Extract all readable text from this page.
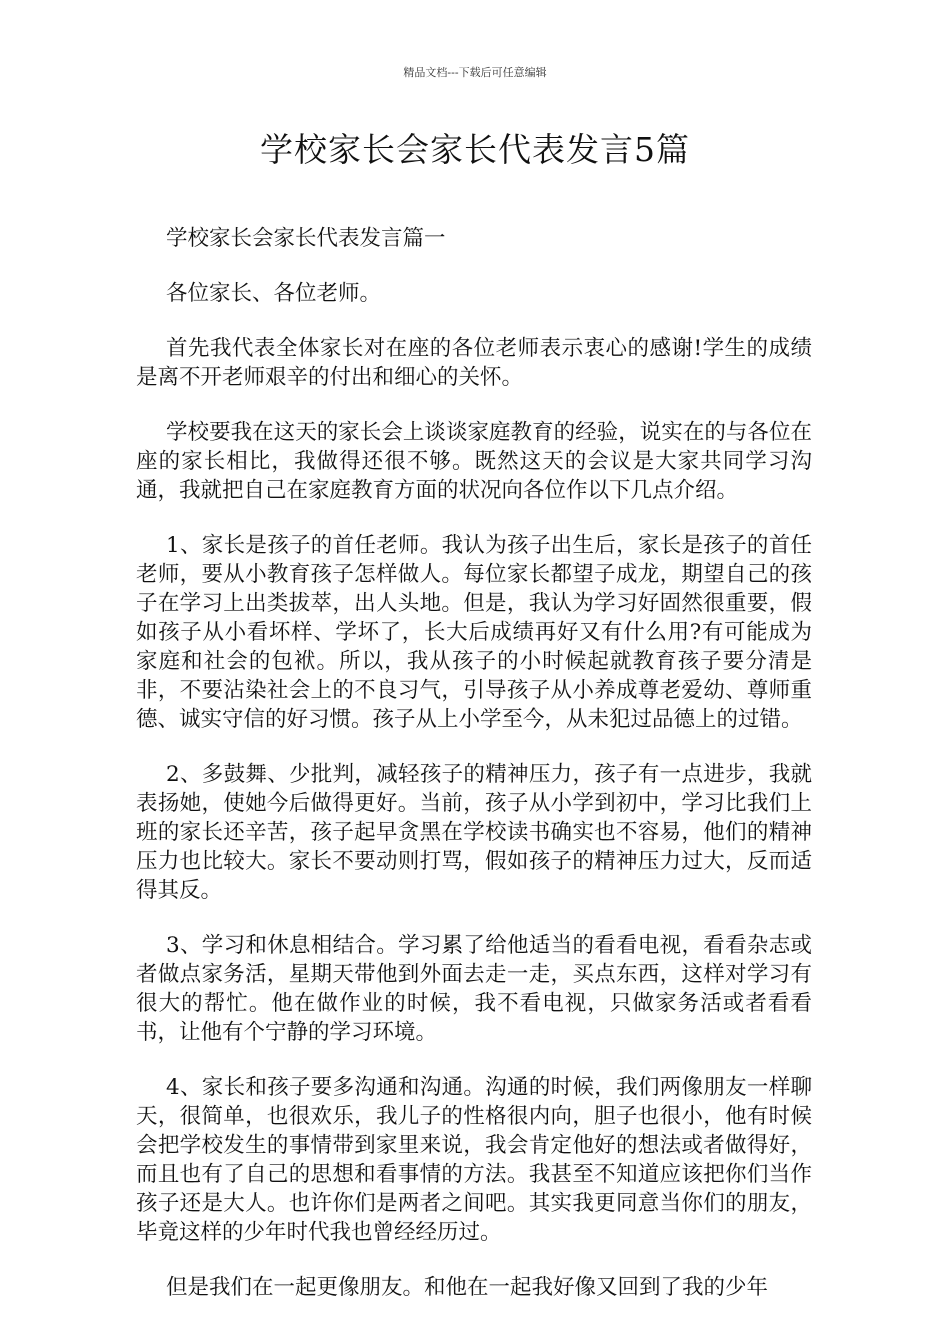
精品文档---下载后可任意编辑
学校家长会家长代表发言5篇

学校家长会家长代表发言篇一

各位家长、各位老师。

首先我代表全体家长对在座的各位老师表示衷心的感谢!学生的成绩是离不开老师艰辛的付出和细心的关怀。

学校要我在这天的家长会上谈谈家庭教育的经验，说实在的与各位在座的家长相比，我做得还很不够。既然这天的会议是大家共同学习沟通，我就把自己在家庭教育方面的状况向各位作以下几点介绍。

1、家长是孩子的首任老师。我认为孩子出生后，家长是孩子的首任老师，要从小教育孩子怎样做人。每位家长都望子成龙，期望自己的孩子在学习上出类拔萃，出人头地。但是，我认为学习好固然很重要，假如孩子从小看坏样、学坏了，长大后成绩再好又有什么用?有可能成为家庭和社会的包袱。所以，我从孩子的小时候起就教育孩子要分清是非，不要沾染社会上的不良习气，引导孩子从小养成尊老爱幼、尊师重德、诚实守信的好习惯。孩子从上小学至今，从未犯过品德上的过错。

2、多鼓舞、少批判，减轻孩子的精神压力，孩子有一点进步，我就表扬她，使她今后做得更好。当前，孩子从小学到初中，学习比我们上班的家长还辛苦，孩子起早贪黑在学校读书确实也不容易，他们的精神压力也比较大。家长不要动则打骂，假如孩子的精神压力过大，反而适得其反。

3、学习和休息相结合。学习累了给他适当的看看电视，看看杂志或者做点家务活，星期天带他到外面去走一走，买点东西，这样对学习有很大的帮忙。他在做作业的时候，我不看电视，只做家务活或者看看书，让他有个宁静的学习环境。

4、家长和孩子要多沟通和沟通。沟通的时候，我们两像朋友一样聊天，很简单，也很欢乐，我儿子的性格很内向，胆子也很小，他有时候会把学校发生的事情带到家里来说，我会肯定他好的想法或者做得好，而且也有了自己的思想和看事情的方法。我甚至不知道应该把你们当作孩子还是大人。也许你们是两者之间吧。其实我更同意当你们的朋友，毕竟这样的少年时代我也曾经经历过。

但是我们在一起更像朋友。和他在一起我好像又回到了我的少年
